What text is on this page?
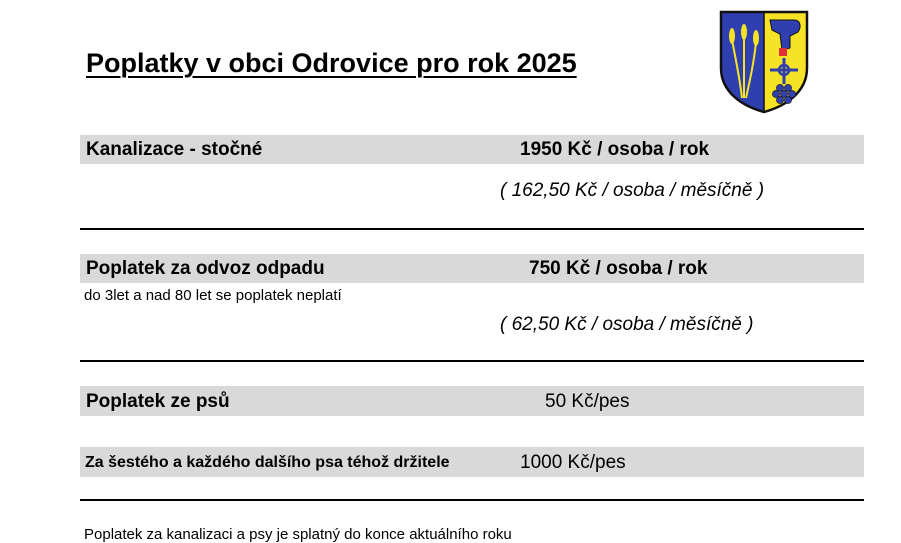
Poplatky v obci Odrovice pro rok 2025
Kanalizace - stočné	1950 Kč / osoba / rok
( 162,50 Kč / osoba / měsíčně )
Poplatek za odvoz odpadu	750 Kč / osoba / rok
do 3let a nad 80 let se poplatek neplatí
( 62,50 Kč / osoba / měsíčně )
Poplatek ze psů	50 Kč/pes
Za šestého a každého dalšího psa téhož držitele	1000 Kč/pes
Poplatek za kanalizaci a psy je splatný do konce aktuálního roku
